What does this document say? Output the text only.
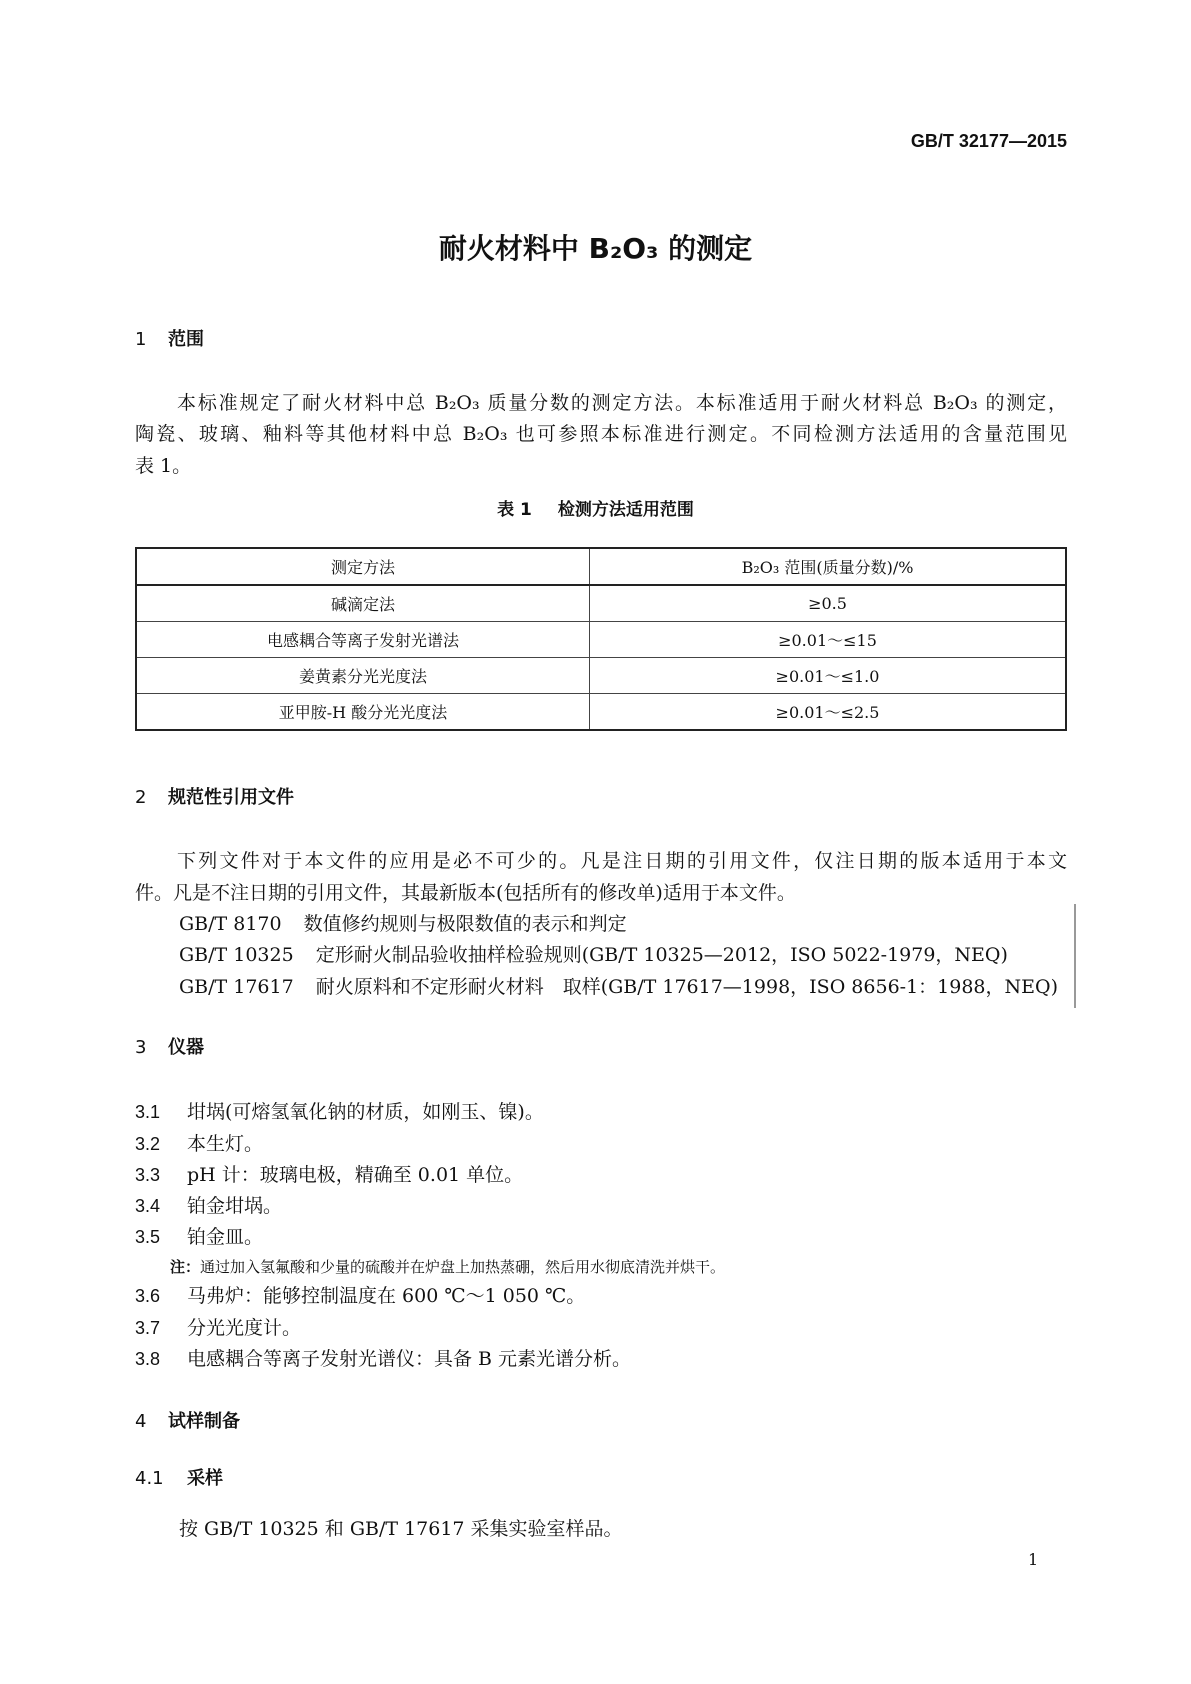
GB/T 32177—2015
耐火材料中 B₂O₃ 的测定
1 范围
本标准规定了耐火材料中总 B₂O₃ 质量分数的测定方法。本标准适用于耐火材料总 B₂O₃ 的测定，
陶瓷、玻璃、釉料等其他材料中总 B₂O₃ 也可参照本标准进行测定。不同检测方法适用的含量范围见
表 1。
表 1 检测方法适用范围
测定方法	B₂O₃ 范围(质量分数)/%
碱滴定法	≥0.5
电感耦合等离子发射光谱法	≥0.01～≤15
姜黄素分光光度法	≥0.01～≤1.0
亚甲胺-H 酸分光光度法	≥0.01～≤2.5
2 规范性引用文件
下列文件对于本文件的应用是必不可少的。凡是注日期的引用文件，仅注日期的版本适用于本文
件。凡是不注日期的引用文件，其最新版本(包括所有的修改单)适用于本文件。
GB/T 8170 数值修约规则与极限数值的表示和判定
GB/T 10325 定形耐火制品验收抽样检验规则(GB/T 10325—2012，ISO 5022-1979，NEQ)
GB/T 17617 耐火原料和不定形耐火材料　取样(GB/T 17617—1998，ISO 8656-1：1988，NEQ)
3 仪器
3.1 坩埚(可熔氢氧化钠的材质，如刚玉、镍)。
3.2 本生灯。
3.3 pH 计：玻璃电极，精确至 0.01 单位。
3.4 铂金坩埚。
3.5 铂金皿。
注：通过加入氢氟酸和少量的硫酸并在炉盘上加热蒸硼，然后用水彻底清洗并烘干。
3.6 马弗炉：能够控制温度在 600 ℃～1 050 ℃。
3.7 分光光度计。
3.8 电感耦合等离子发射光谱仪：具备 B 元素光谱分析。
4 试样制备
4.1 采样
按 GB/T 10325 和 GB/T 17617 采集实验室样品。
1
